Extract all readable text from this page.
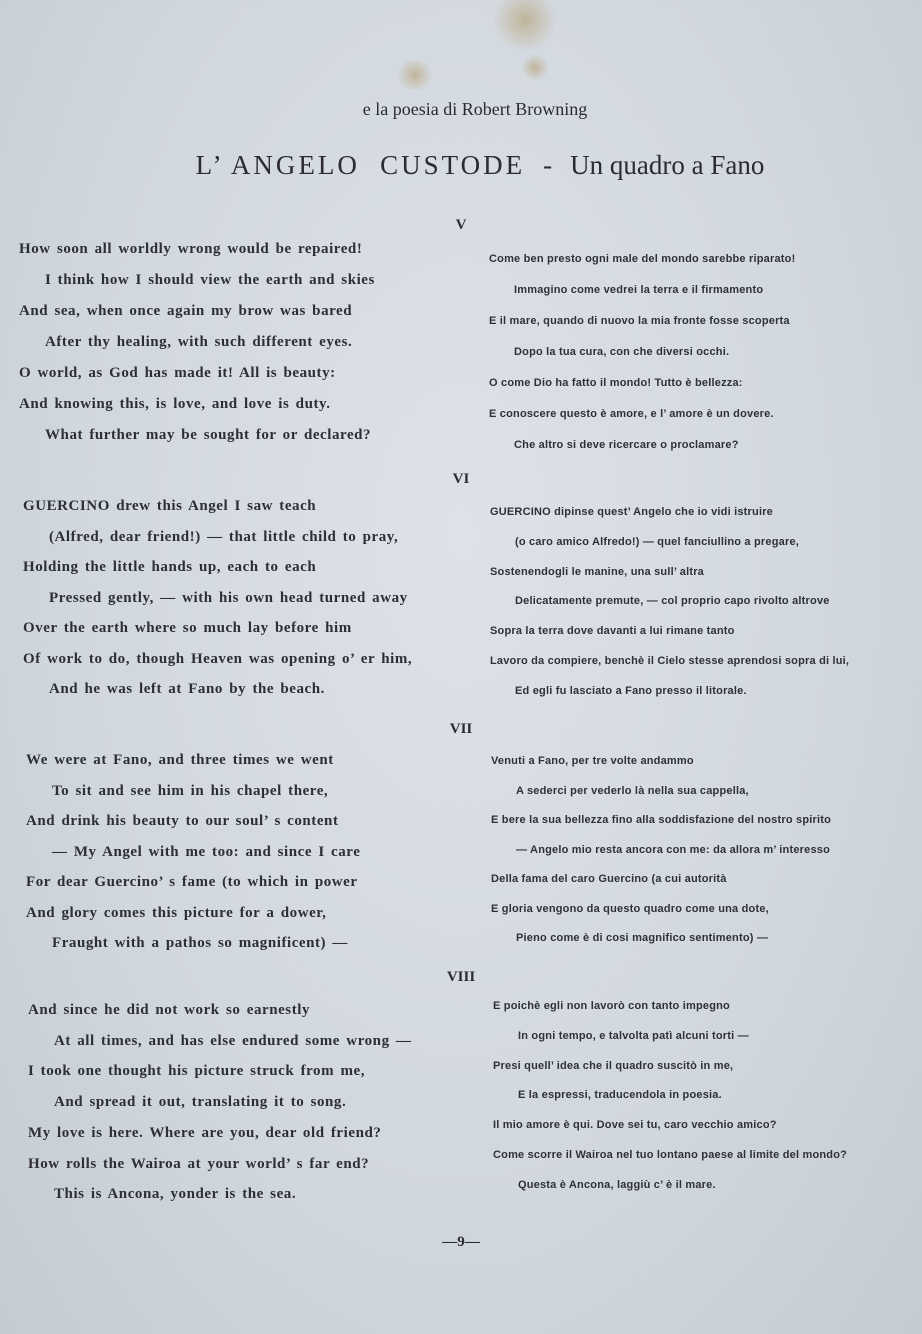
e la poesia di Robert Browning
L’ ANGELO CUSTODE - Un quadro a Fano
V
How soon all worldly wrong would be repaired!
I think how I should view the earth and skies
And sea, when once again my brow was bared
After thy healing, with such different eyes.
O world, as God has made it! All is beauty:
And knowing this, is love, and love is duty.
What further may be sought for or declared?
Come ben presto ogni male del mondo sarebbe riparato!
Immagino come vedrei la terra e il firmamento
E il mare, quando di nuovo la mia fronte fosse scoperta
Dopo la tua cura, con che diversi occhi.
O come Dio ha fatto il mondo! Tutto è bellezza:
E conoscere questo è amore, e l’ amore è un dovere.
Che altro si deve ricercare o proclamare?
VI
GUERCINO drew this Angel I saw teach
(Alfred, dear friend!) — that little child to pray,
Holding the little hands up, each to each
Pressed gently, — with his own head turned away
Over the earth where so much lay before him
Of work to do, though Heaven was opening o’ er him,
And he was left at Fano by the beach.
GUERCINO dipinse quest’ Angelo che io vidi istruire
(o caro amico Alfredo!) — quel fanciullino a pregare,
Sostenendogli le manine, una sull’ altra
Delicatamente premute, — col proprio capo rivolto altrove
Sopra la terra dove davanti a lui rimane tanto
Lavoro da compiere, benchè il Cielo stesse aprendosi sopra di lui,
Ed egli fu lasciato a Fano presso il litorale.
VII
We were at Fano, and three times we went
To sit and see him in his chapel there,
And drink his beauty to our soul’ s content
— My Angel with me too: and since I care
For dear Guercino’ s fame (to which in power
And glory comes this picture for a dower,
Fraught with a pathos so magnificent) —
Venuti a Fano, per tre volte andammo
A sederci per vederlo là nella sua cappella,
E bere la sua bellezza fino alla soddisfazione del nostro spirito
— Angelo mio resta ancora con me: da allora m’ interesso
Della fama del caro Guercino (a cui autorità
E gloria vengono da questo quadro come una dote,
Pieno come è di cosi magnifico sentimento) —
VIII
And since he did not work so earnestly
At all times, and has else endured some wrong —
I took one thought his picture struck from me,
And spread it out, translating it to song.
My love is here. Where are you, dear old friend?
How rolls the Wairoa at your world’ s far end?
This is Ancona, yonder is the sea.
E poichè egli non lavorò con tanto impegno
In ogni tempo, e talvolta patì alcuni torti —
Presi quell’ idea che il quadro suscitò in me,
E la espressi, traducendola in poesia.
Il mio amore è qui. Dove sei tu, caro vecchio amico?
Come scorre il Wairoa nel tuo lontano paese al limite del mondo?
Questa è Ancona, laggiù c’ è il mare.
—9—
